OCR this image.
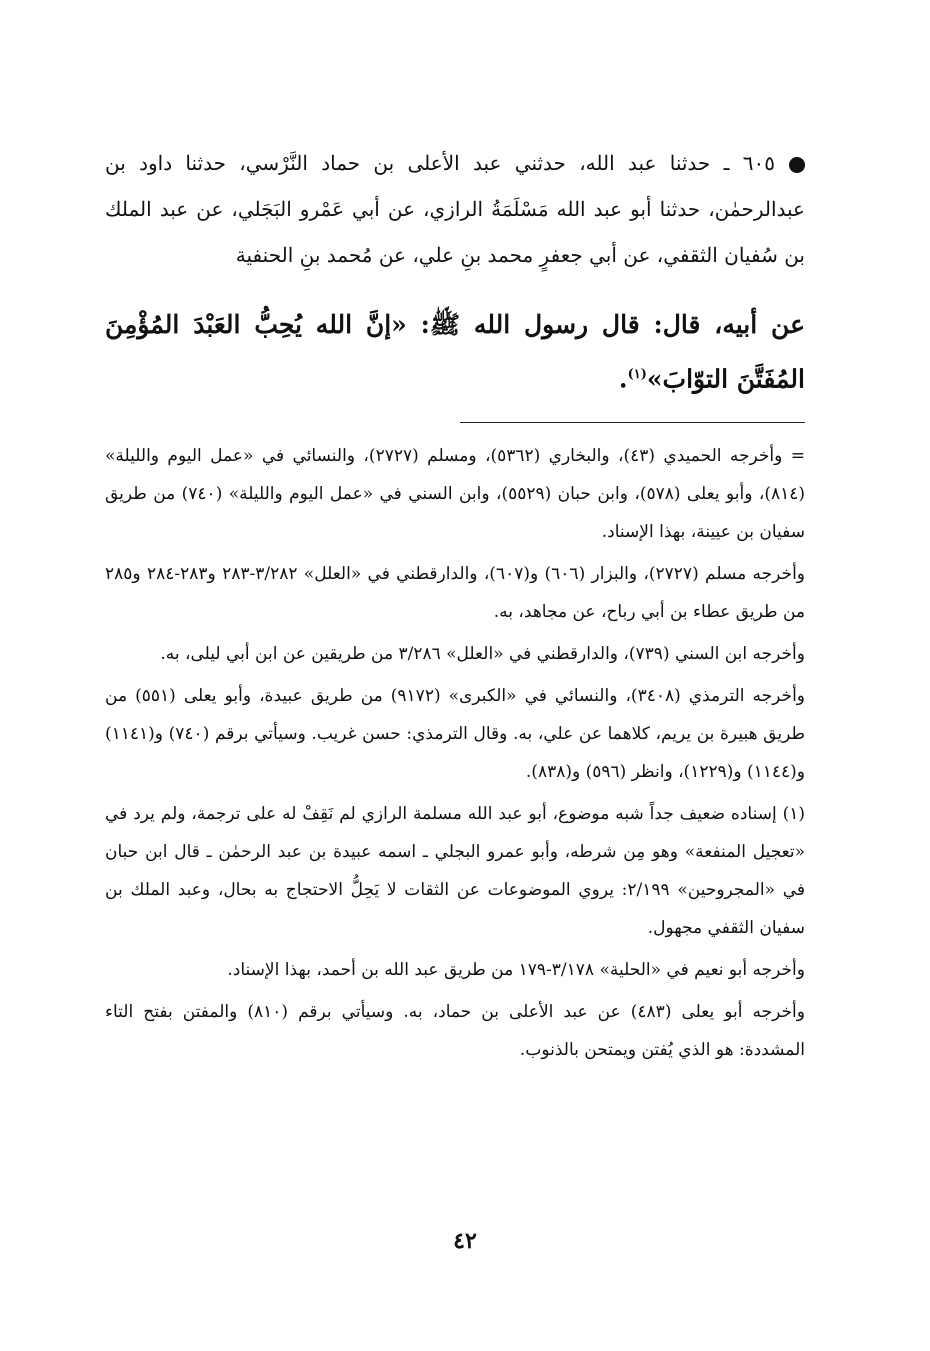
٦٠٥ ـ حدثنا عبد الله، حدثني عبد الأعلى بن حماد النَّرْسي، حدثنا داود بن عبدالرحمٰن، حدثنا أبو عبد الله مَسْلَمَةُ الرازي، عن أبي عَمْرو البَجَلي، عن عبد الملك بن سُفيان الثقفي، عن أبي جعفرٍ محمد بنِ علي، عن مُحمد بنِ الحنفية

عن أبيه، قال: قال رسول الله ﷺ: «إنَّ الله يُحِبُّ العَبْدَ المُؤْمِنَ المُفَتَّنَ التوّابَ»$^{(١)}$.

= وأخرجه الحميدي (٤٣)، والبخاري (٥٣٦٢)، ومسلم (٢٧٢٧)، والنسائي في «عمل اليوم والليلة» (٨١٤)، وأبو يعلى (٥٧٨)، وابن حبان (٥٥٢٩)، وابن السني في «عمل اليوم والليلة» (٧٤٠) من طريق سفيان بن عيينة، بهذا الإسناد.

وأخرجه مسلم (٢٧٢٧)، والبزار (٦٠٦) و(٦٠٧)، والدارقطني في «العلل» ٣/٢٨٢-٢٨٣ و٢٨٣-٢٨٤ و٢٨٥ من طريق عطاء بن أبي رباح، عن مجاهد، به.

وأخرجه ابن السني (٧٣٩)، والدارقطني في «العلل» ٣/٢٨٦ من طريقين عن ابن أبي ليلى، به.

وأخرجه الترمذي (٣٤٠٨)، والنسائي في «الكبرى» (٩١٧٢) من طريق عبيدة، وأبو يعلى (٥٥١) من طريق هبيرة بن يريم، كلاهما عن علي، به. وقال الترمذي: حسن غريب. وسيأتي برقم (٧٤٠) و(١١٤١) و(١١٤٤) و(١٢٢٩)، وانظر (٥٩٦) و(٨٣٨).

(١) إسناده ضعيف جداً شبه موضوع، أبو عبد الله مسلمة الرازي لم نَقِفْ له على ترجمة، ولم يرد في «تعجيل المنفعة» وهو مِن شرطه، وأبو عمرو البجلي ـ اسمه عبيدة بن عبد الرحمٰن ـ قال ابن حبان في «المجروحين» ٢/١٩٩: يروي الموضوعات عن الثقات لا يَحِلُّ الاحتجاج به بحال، وعبد الملك بن سفيان الثقفي مجهول.

وأخرجه أبو نعيم في «الحلية» ٣/١٧٨-١٧٩ من طريق عبد الله بن أحمد، بهذا الإسناد.

وأخرجه أبو يعلى (٤٨٣) عن عبد الأعلى بن حماد، به. وسيأتي برقم (٨١٠) والمفتن بفتح التاء المشددة: هو الذي يُفتن ويمتحن بالذنوب.

٤٢
